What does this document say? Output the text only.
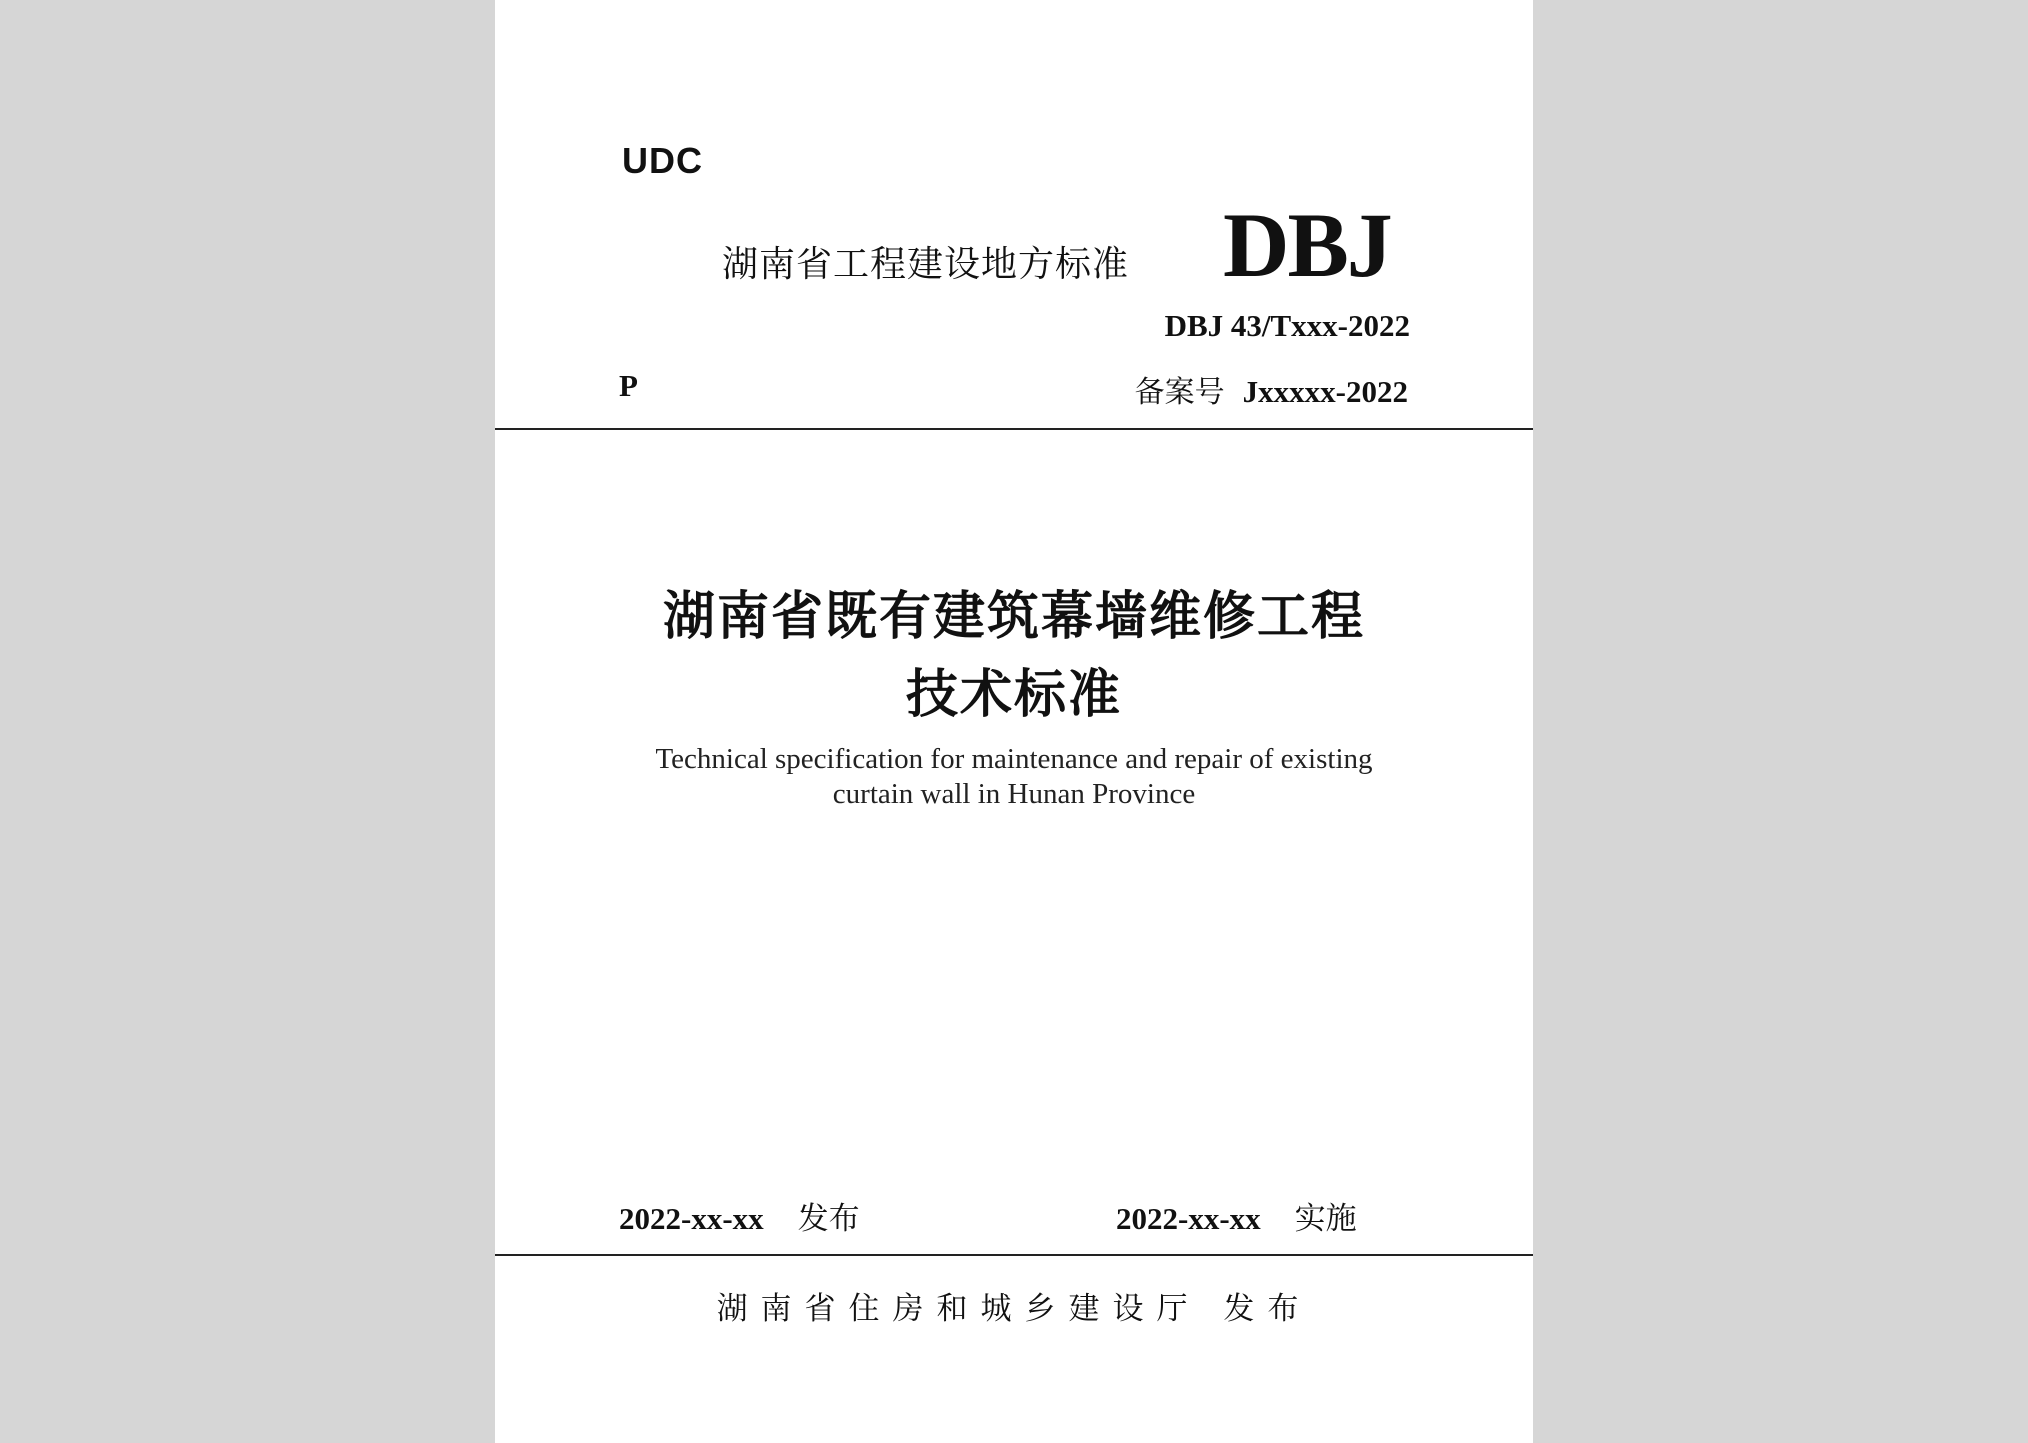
UDC
湖南省工程建设地方标准 DBJ
DBJ 43/Txxx-2022
P	备案号 Jxxxxx-2022
湖南省既有建筑幕墙维修工程
技术标准
Technical specification for maintenance and repair of existing
curtain wall in Hunan Province
2022-xx-xx 发布	2022-xx-xx 实施
湖南省住房和城乡建设厅 发布
